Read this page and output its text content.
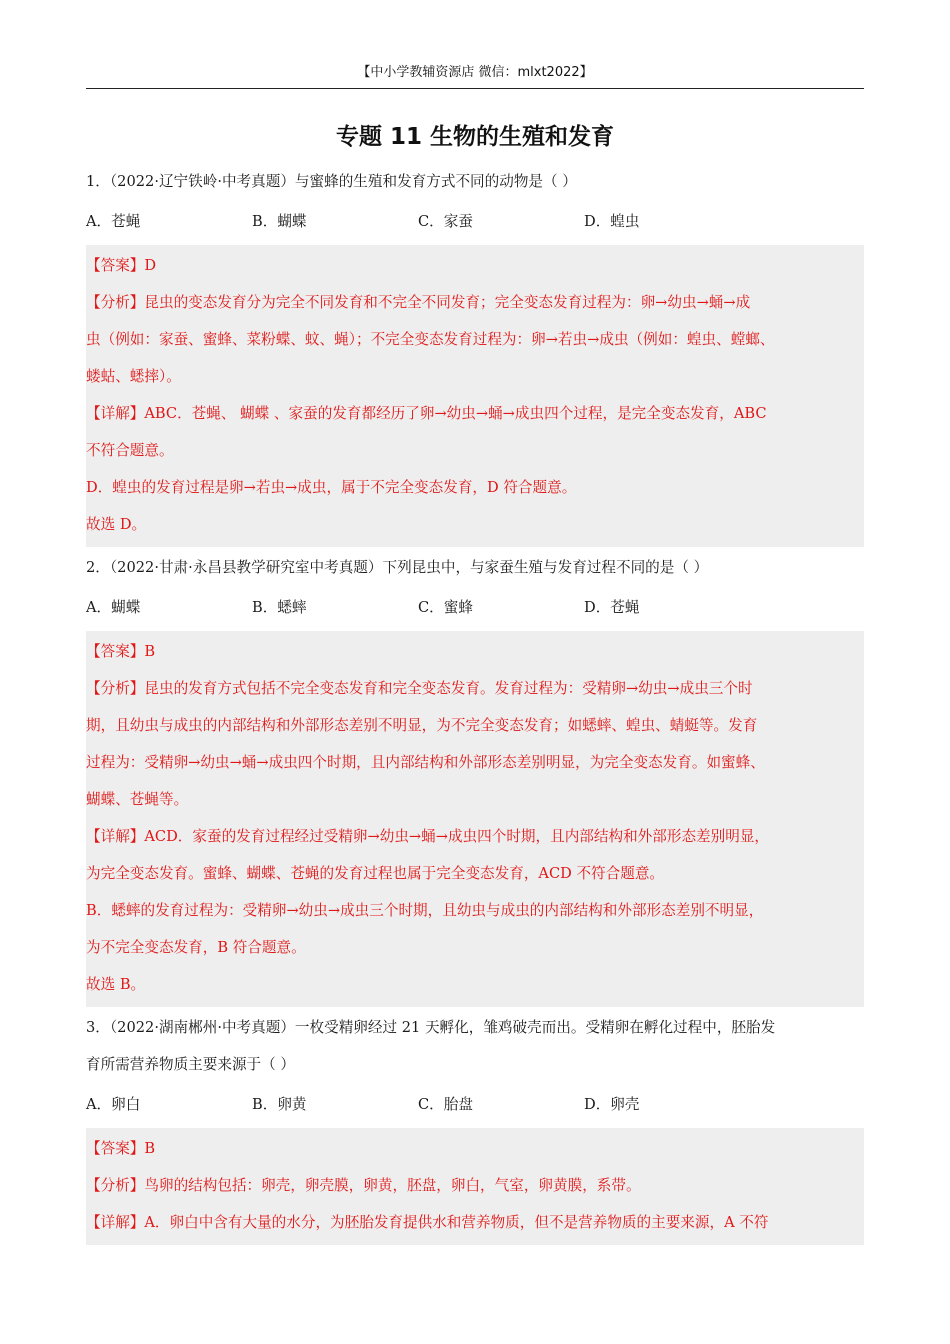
【中小学教辅资源店 微信：mlxt2022】
专题 11 生物的生殖和发育

1．（2022·辽宁铁岭·中考真题）与蜜蜂的生殖和发育方式不同的动物是（ ）

A．苍蝇	B．蝴蝶	C．家蚕	D．蝗虫

【答案】D

【分析】昆虫的变态发育分为完全不同发育和不完全不同发育；完全变态发育过程为：卵→幼虫→蛹→成

虫（例如：家蚕、蜜蜂、菜粉蝶、蚊、蝇）；不完全变态发育过程为：卵→若虫→成虫（例如：蝗虫、螳螂、

蝼蛄、蟋摔）。

【详解】ABC．苍蝇、 蝴蝶 、家蚕的发育都经历了卵→幼虫→蛹→成虫四个过程，是完全变态发育，ABC

不符合题意。

D．蝗虫的发育过程是卵→若虫→成虫，属于不完全变态发育，D 符合题意。

故选 D。

2．（2022·甘肃·永昌县教学研究室中考真题）下列昆虫中，与家蚕生殖与发育过程不同的是（ ）

A．蝴蝶	B．蟋蟀	C．蜜蜂	D．苍蝇

【答案】B

【分析】昆虫的发育方式包括不完全变态发育和完全变态发育。发育过程为：受精卵→幼虫→成虫三个时

期，且幼虫与成虫的内部结构和外部形态差别不明显，为不完全变态发育；如蟋蟀、蝗虫、蜻蜓等。发育

过程为：受精卵→幼虫→蛹→成虫四个时期，且内部结构和外部形态差别明显，为完全变态发育。如蜜蜂、

蝴蝶、苍蝇等。

【详解】ACD．家蚕的发育过程经过受精卵→幼虫→蛹→成虫四个时期，且内部结构和外部形态差别明显，

为完全变态发育。蜜蜂、蝴蝶、苍蝇的发育过程也属于完全变态发育，ACD 不符合题意。

B．蟋蟀的发育过程为：受精卵→幼虫→成虫三个时期，且幼虫与成虫的内部结构和外部形态差别不明显，

为不完全变态发育，B 符合题意。

故选 B。

3．（2022·湖南郴州·中考真题）一枚受精卵经过 21 天孵化，雏鸡破壳而出。受精卵在孵化过程中，胚胎发

育所需营养物质主要来源于（ ）

A．卵白	B．卵黄	C．胎盘	D．卵壳

【答案】B

【分析】鸟卵的结构包括：卵壳，卵壳膜，卵黄，胚盘，卵白，气室，卵黄膜，系带。

【详解】A．卵白中含有大量的水分，为胚胎发育提供水和营养物质，但不是营养物质的主要来源，A 不符
